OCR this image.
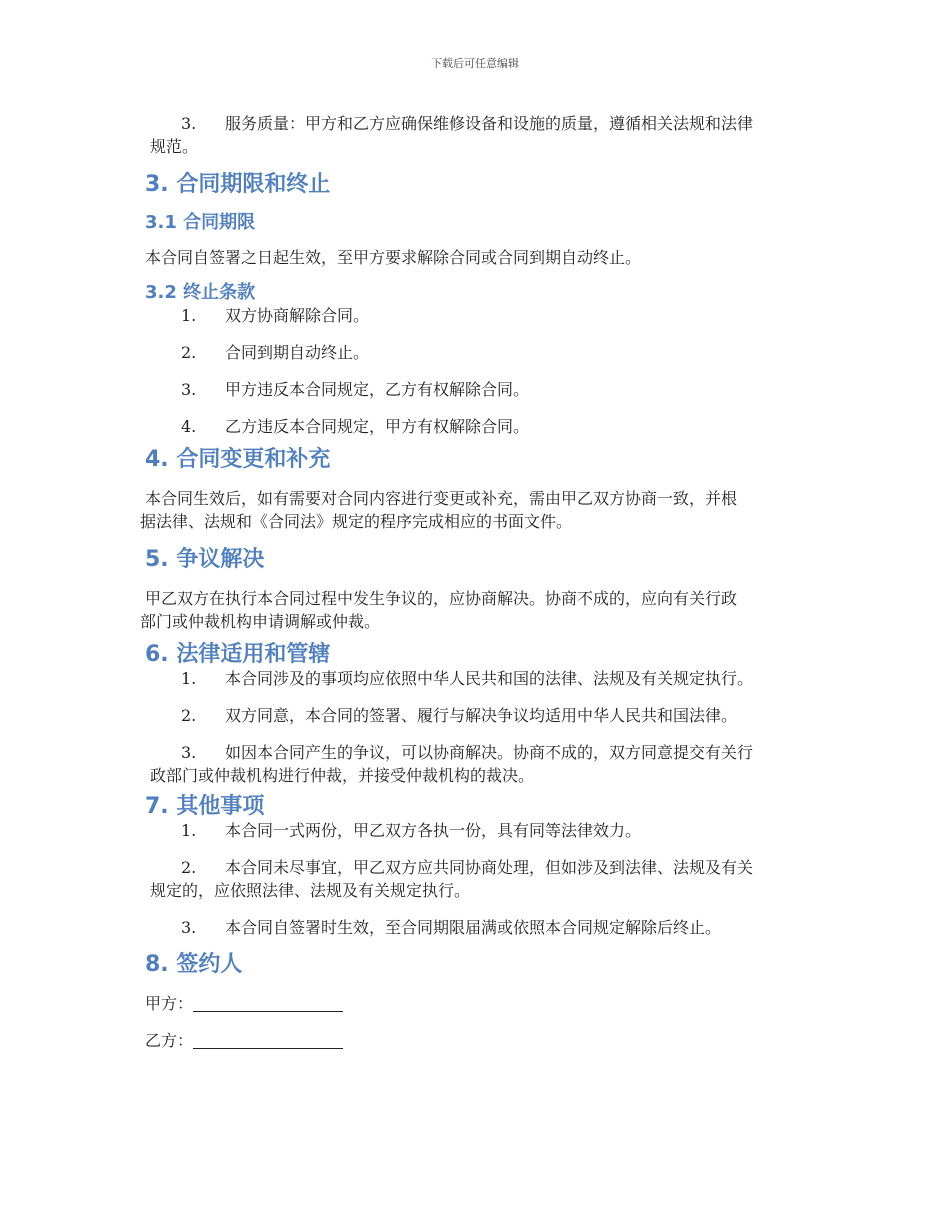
下载后可任意编辑
3. 服务质量：甲方和乙方应确保维修设备和设施的质量，遵循相关法规和法律
规范。
3. 合同期限和终止
3.1 合同期限

本合同自签署之日起生效，至甲方要求解除合同或合同到期自动终止。

3.2 终止条款
1. 双方协商解除合同。
2. 合同到期自动终止。
3. 甲方违反本合同规定，乙方有权解除合同。
4. 乙方违反本合同规定，甲方有权解除合同。
4. 合同变更和补充
本合同生效后，如有需要对合同内容进行变更或补充，需由甲乙双方协商一致，并根
据法律、法规和《合同法》规定的程序完成相应的书面文件。
5. 争议解决
甲乙双方在执行本合同过程中发生争议的，应协商解决。协商不成的，应向有关行政
部门或仲裁机构申请调解或仲裁。
6. 法律适用和管辖
1. 本合同涉及的事项均应依照中华人民共和国的法律、法规及有关规定执行。
2. 双方同意，本合同的签署、履行与解决争议均适用中华人民共和国法律。
3. 如因本合同产生的争议，可以协商解决。协商不成的，双方同意提交有关行
政部门或仲裁机构进行仲裁，并接受仲裁机构的裁决。
7. 其他事项
1. 本合同一式两份，甲乙双方各执一份，具有同等法律效力。
2. 本合同未尽事宜，甲乙双方应共同协商处理，但如涉及到法律、法规及有关
规定的，应依照法律、法规及有关规定执行。
3. 本合同自签署时生效，至合同期限届满或依照本合同规定解除后终止。
8. 签约人
甲方：
乙方：
